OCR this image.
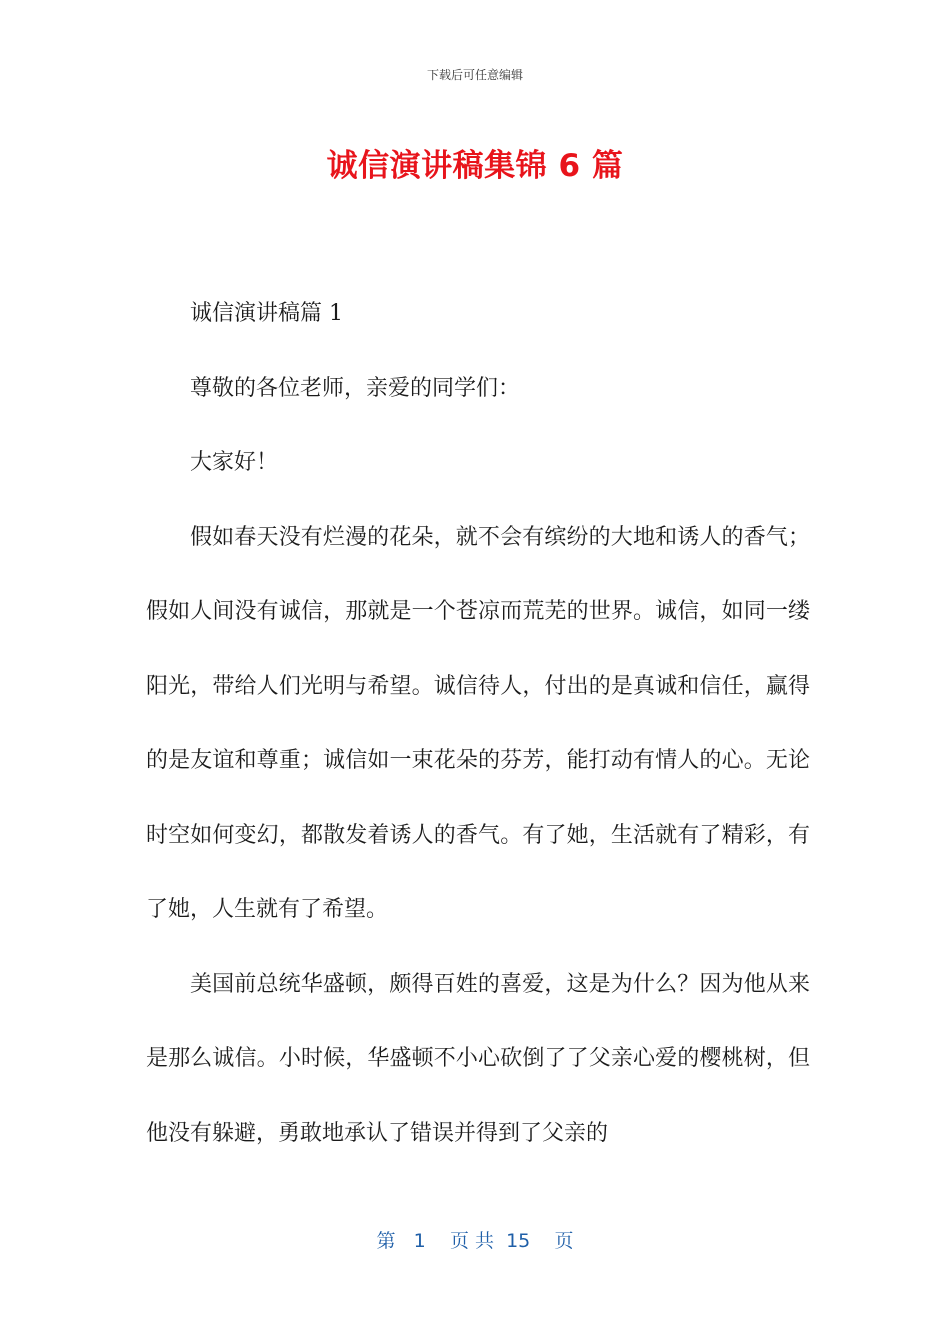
下载后可任意编辑
诚信演讲稿集锦 6 篇

诚信演讲稿篇 1

尊敬的各位老师，亲爱的同学们：

大家好！

假如春天没有烂漫的花朵，就不会有缤纷的大地和诱人的香气；假如人间没有诚信，那就是一个苍凉而荒芜的世界。诚信，如同一缕阳光，带给人们光明与希望。诚信待人，付出的是真诚和信任，赢得的是友谊和尊重；诚信如一束花朵的芬芳，能打动有情人的心。无论时空如何变幻，都散发着诱人的香气。有了她，生活就有了精彩，有了她，人生就有了希望。

美国前总统华盛顿，颇得百姓的喜爱，这是为什么？因为他从来是那么诚信。小时候，华盛顿不小心砍倒了了父亲心爱的樱桃树，但他没有躲避，勇敢地承认了错误并得到了父亲的

第 1 页 共 15 页
